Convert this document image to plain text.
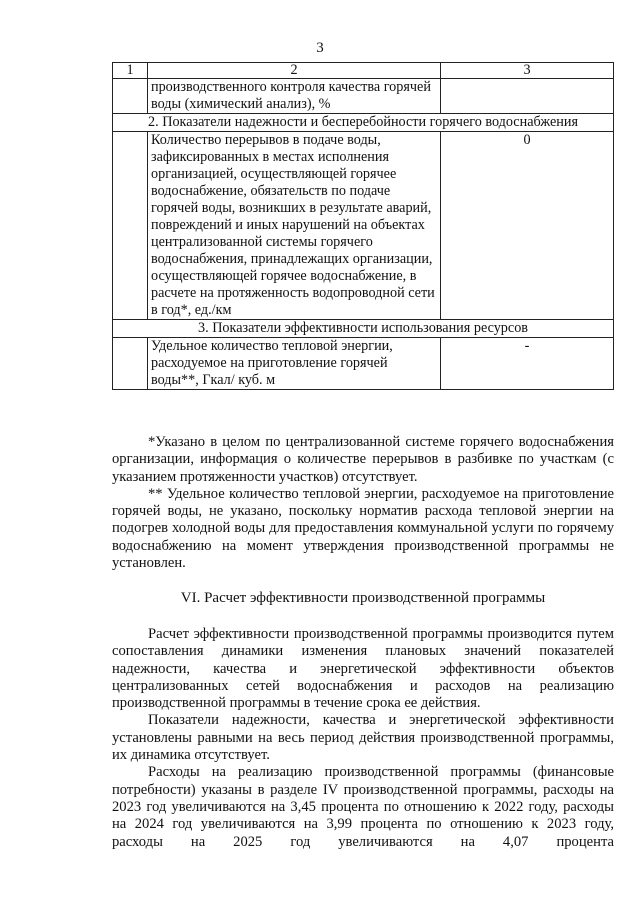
3
1	2	3
	производственного контроля качества горячей воды (химический анализ), %	
2. Показатели надежности и бесперебойности горячего водоснабжения		
	Количество перерывов в подаче воды, зафиксированных в местах исполнения организацией, осуществляющей горячее водоснабжение, обязательств по подаче горячей воды, возникших в результате аварий, повреждений и иных нарушений на объектах централизованной системы горячего водоснабжения, принадлежащих организации, осуществляющей горячее водоснабжение, в расчете на протяженность водопроводной сети в год*, ед./км	0
3. Показатели эффективности использования ресурсов		
	Удельное количество тепловой энергии, расходуемое на приготовление горячей воды**, Гкал/ куб. м	-

*Указано в целом по централизованной системе горячего водоснабжения организации, информация о количестве перерывов в разбивке по участкам (с указанием протяженности участков) отсутствует.

** Удельное количество тепловой энергии, расходуемое на приготовление горячей воды, не указано, поскольку норматив расхода тепловой энергии на подогрев холодной воды для предоставления коммунальной услуги по горячему водоснабжению на момент утверждения производственной программы не установлен.

VI. Расчет эффективности производственной программы

Расчет эффективности производственной программы производится путем сопоставления динамики изменения плановых значений показателей надежности, качества и энергетической эффективности объектов централизованных сетей водоснабжения и расходов на реализацию производственной программы в течение срока ее действия.

Показатели надежности, качества и энергетической эффективности установлены равными на весь период действия производственной программы, их динамика отсутствует.

Расходы на реализацию производственной программы (финансовые потребности) указаны в разделе IV производственной программы, расходы на 2023 год увеличиваются на 3,45 процента по отношению к 2022 году, расходы на 2024 год увеличиваются на 3,99 процента по отношению к 2023 году, расходы на 2025 год увеличиваются на 4,07 процента
